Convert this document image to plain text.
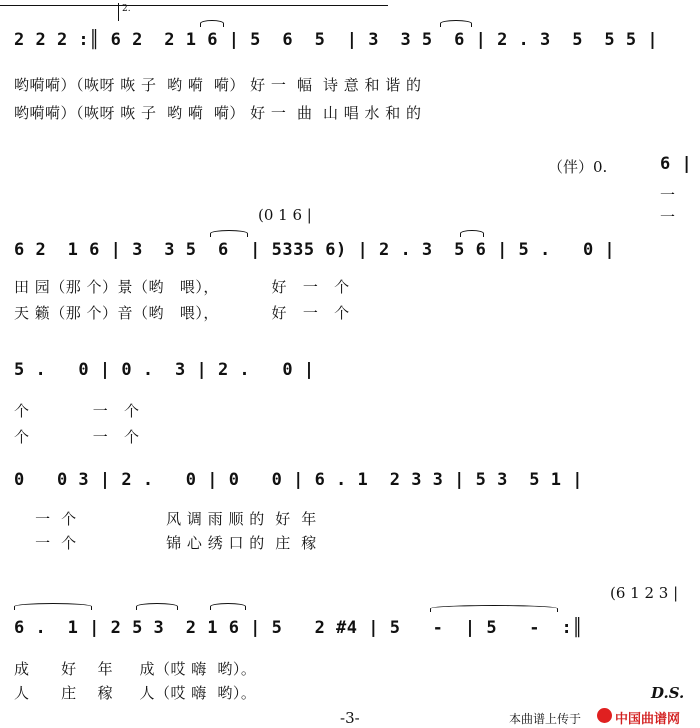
2.
2 2 2 :║ 6 2  2 1 6 | 5  6  5  | 3  3 5  6 | 2 . 3  5  5 5 |
哟嗬嗬）（咴呀 咴 子  哟 嗬  嗬） 好 一  幅  诗 意 和 谐 的
哟嗬嗬）（咴呀 咴 子  哟 嗬  嗬） 好 一  曲  山 唱 水 和 的
（伴）0.	6 |
一
一
(0 1 6 |
6 2  1 6 | 3  3 5  6  | 5335 6) | 2 . 3  5 6 | 5 .   0 |
田 园（那 个）景（哟   喂），          好   一   个
天 籁（那 个）音（哟   喂），          好   一   个
5 .   0 | 0 .  3 | 2 .   0 |
个            一   个
个            一   个
0   0 3 | 2 .   0 | 0   0 | 6 . 1  2 3 3 | 5 3  5 1 |
一  个                 风 调 雨 顺 的  好  年
一  个                 锦 心 绣 口 的  庄  稼
(6 1 2 3 |
6 .  1 | 2 5 3  2 1 6 | 5   2 #4 | 5   -  | 5   -  :║
成      好    年     成（哎 嗨  哟）。
人      庄    稼     人（哎 嗨  哟）。	D.S.
-3-	本曲谱上传于	中国曲谱网
